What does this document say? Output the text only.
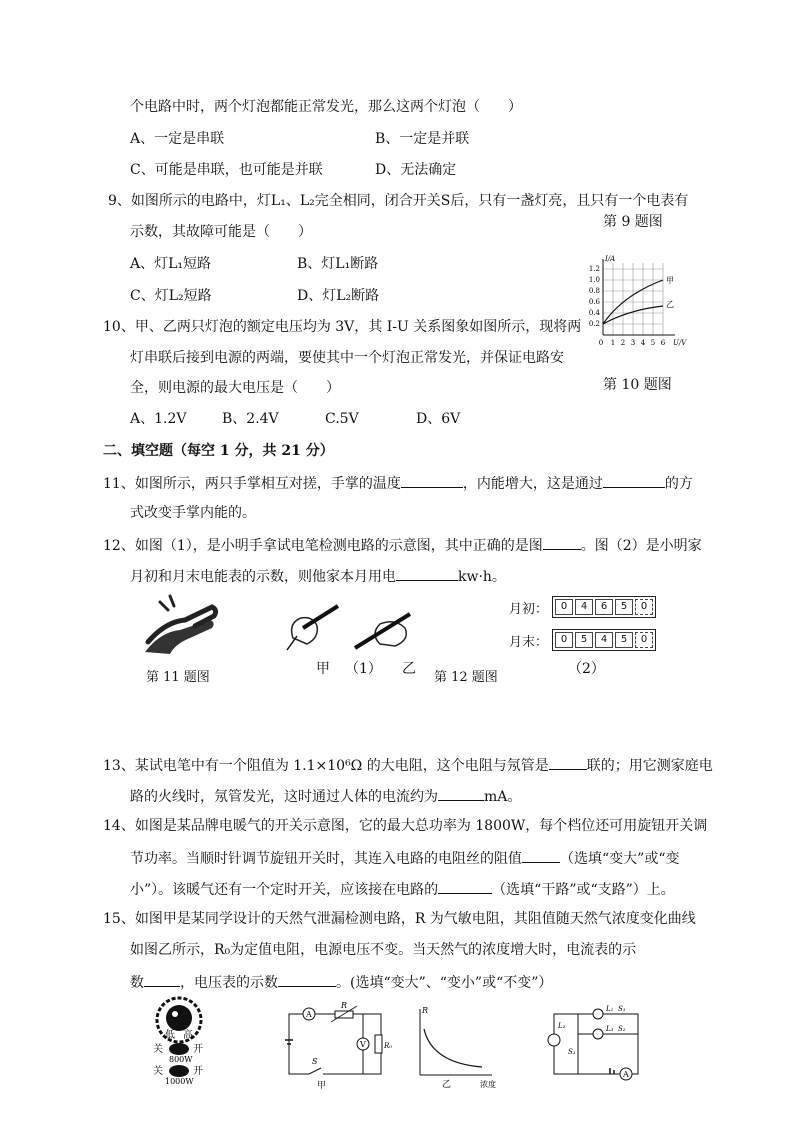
个电路中时，两个灯泡都能正常发光，那么这两个灯泡（　　）
A、一定是串联	B、一定是并联
C、可能是串联，也可能是并联	D、无法确定
9、如图所示的电路中，灯L₁、L₂完全相同，闭合开关S后，只有一盏灯亮，且只有一个电表有
示数，其故障可能是（　　）
第 9 题图
A、灯L₁短路	B、灯L₁断路
C、灯L₂短路	D、灯L₂断路
I/A
甲
乙
1.2
1.0
0.8
0.6
0.4
0.2
0 1 2 3 4 5 6 U/V
10、甲、乙两只灯泡的额定电压均为 3V，其 I-U 关系图象如图所示，现将两
灯串联后接到电源的两端，要使其中一个灯泡正常发光，并保证电路安
全，则电源的最大电压是（　　）	第 10 题图
A、1.2V	B、2.4V	C.5V	D、6V
二、填空题（每空 1 分，共 21 分）
11、如图所示，两只手掌相互对搓，手掌的温度	，内能增大，这是通过	的方
式改变手掌内能的。
12、如图（1），是小明手拿试电笔检测电路的示意图，其中正确的是图	。图（2）是小明家
月初和月末电能表的示数，则他家本月用电	kw·h。
第 11 题图
甲 （1） 乙
第 12 题图
月初：	0	4	6	5	0
月末：	0	5	4	5	0
（2）
13、某试电笔中有一个阻值为 1.1×10⁶Ω 的大电阻，这个电阻与氖管是	联的；用它测家庭电
路的火线时，氖管发光，这时通过人体的电流约为	mA。
14、如图是某品牌电暖气的开关示意图，它的最大总功率为 1800W，每个档位还可用旋钮开关调
节功率。当顺时针调节旋钮开关时，其连入电路的电阻丝的阻值	（选填“变大”或“变
小”）。该暖气还有一个定时开关，应该接在电路的	（选填“干路”或“支路”）上。
15、如图甲是某同学设计的天然气泄漏检测电路，R 为气敏电阻，其阻值随天然气浓度变化曲线
如图乙所示，R₀为定值电阻，电源电压不变。当天然气的浓度增大时，电流表的示
数	，电压表的示数	。(选填“变大”、“变小”或“不变”）
低 高
关	开
800W
关	开
1000W
A
R
R₀
V
S
甲
R
乙	浓度
L₁
L₃
L₂
S₁
S₂
S₃
A
